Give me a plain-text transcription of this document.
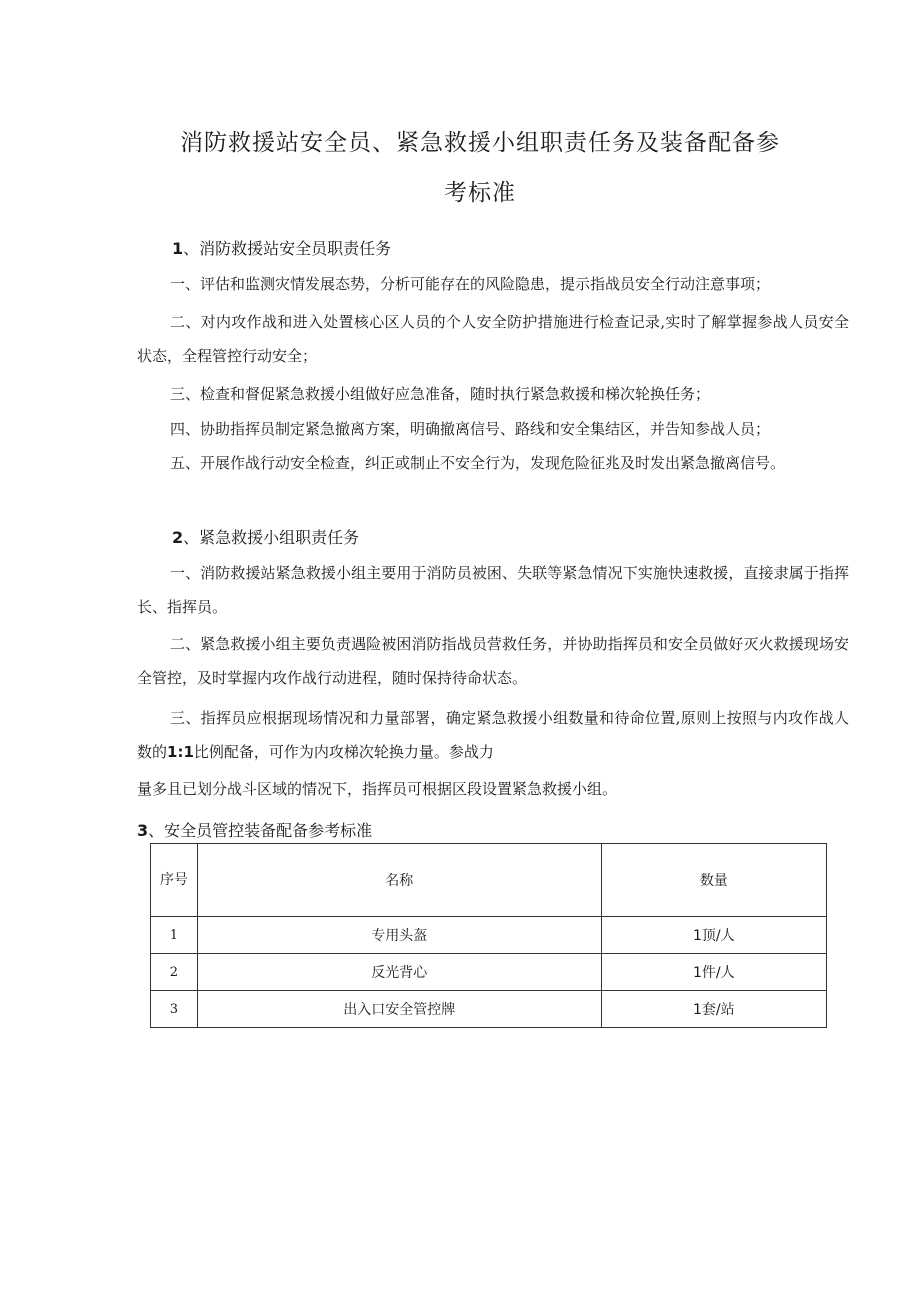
消防救援站安全员、紧急救援小组职责任务及装备配备参
考标准
1、消防救援站安全员职责任务

一、评估和监测灾情发展态势，分析可能存在的风险隐患，提示指战员安全行动注意事项；

二、对内攻作战和进入处置核心区人员的个人安全防护措施进行检查记录,实时了解掌握参战人员安全状态，全程管控行动安全；

三、检查和督促紧急救援小组做好应急准备，随时执行紧急救援和梯次轮换任务；

四、协助指挥员制定紧急撤离方案，明确撤离信号、路线和安全集结区，并告知参战人员；

五、开展作战行动安全检查，纠正或制止不安全行为，发现危险征兆及时发出紧急撤离信号。

2、紧急救援小组职责任务

一、消防救援站紧急救援小组主要用于消防员被困、失联等紧急情况下实施快速救援，直接隶属于指挥长、指挥员。

二、紧急救援小组主要负责遇险被困消防指战员营救任务，并协助指挥员和安全员做好灭火救援现场安全管控，及时掌握内攻作战行动进程，随时保持待命状态。

三、指挥员应根据现场情况和力量部署，确定紧急救援小组数量和待命位置,原则上按照与内攻作战人数的1:1比例配备，可作为内攻梯次轮换力量。参战力

量多且已划分战斗区域的情况下，指挥员可根据区段设置紧急救援小组。

3、安全员管控装备配备参考标准
序号	名称	数量
1	专用头盔	1顶/人
2	反光背心	1件/人
3	出入口安全管控牌	1套/站
